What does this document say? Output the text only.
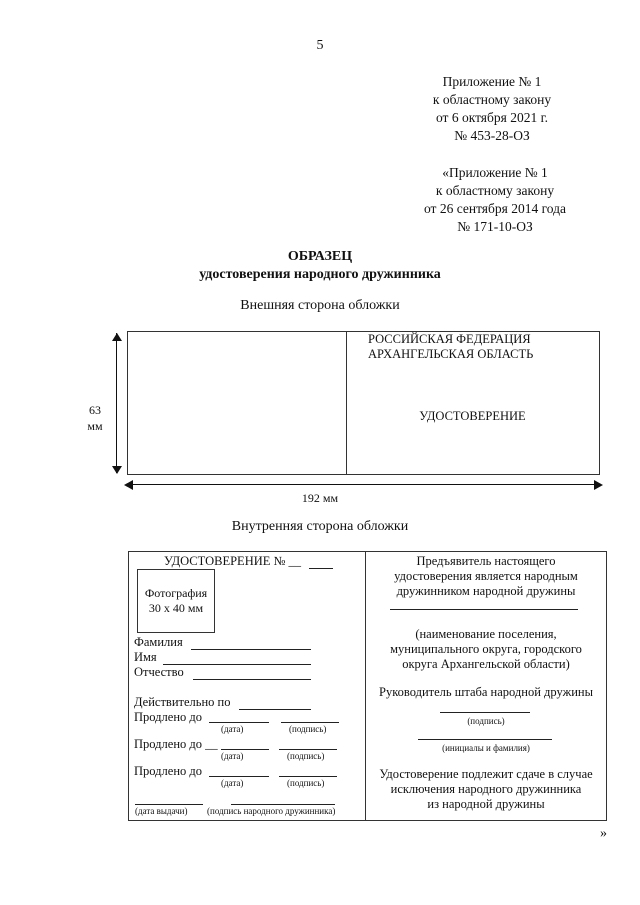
5
Приложение № 1
к областному закону
от 6 октября 2021 г.
№ 453-28-ОЗ
«Приложение № 1
к областному закону
от 26 сентября 2014 года
№ 171-10-ОЗ
ОБРАЗЕЦ
удостоверения народного дружинника
Внешняя сторона обложки
63
мм
РОССИЙСКАЯ ФЕДЕРАЦИЯ
АРХАНГЕЛЬСКАЯ ОБЛАСТЬ
УДОСТОВЕРЕНИЕ
192 мм
Внутренняя сторона обложки
УДОСТОВЕРЕНИЕ № __
Фотография
30 х 40 мм
Фамилия
Имя
Отчество
Действительно по
Продлено до
(дата)	(подпись)
Продлено до __
(дата)	(подпись)
Продлено до
(дата)	(подпись)
(дата выдачи) (подпись народного дружинника)
Предъявитель настоящего
удостоверения является народным
дружинником народной дружины
(наименование поселения,
муниципального округа, городского
округа Архангельской области)
Руководитель штаба народной дружины
(подпись)
(инициалы и фамилия)
Удостоверение подлежит сдаче в случае
исключения народного дружинника
из народной дружины
»
